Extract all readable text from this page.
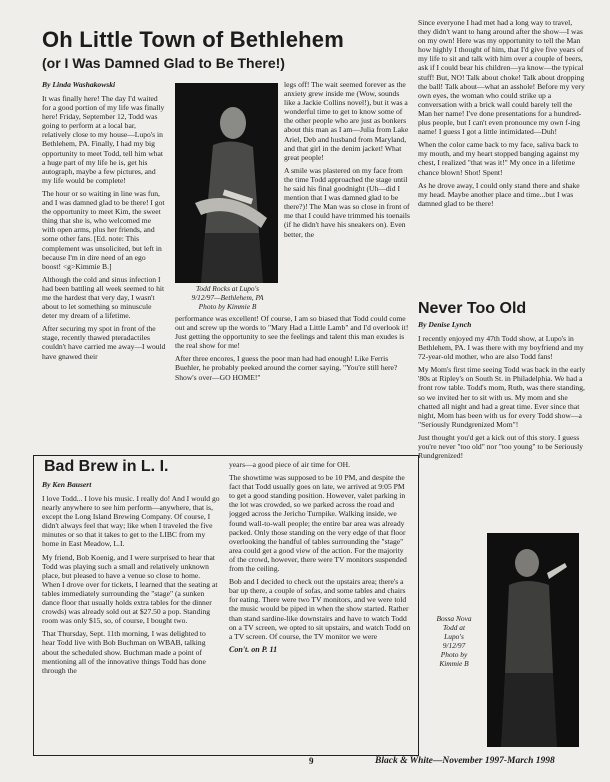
Oh Little Town of Bethlehem
(or I Was Damned Glad to Be There!)

By Linda Washakowski

It was finally here! The day I'd waited for a good portion of my life was finally here! Friday, September 12, Todd was going to perform at a local bar, relatively close to my house—Lupo's in Bethlehem, PA. Finally, I had my big opportunity to meet Todd, tell him what a huge part of my life he is, get his autograph, maybe a few pictures, and my life would be complete!

The hour or so waiting in line was fun, and I was damned glad to be there! I got the opportunity to meet Kim, the sweet thing that she is, who welcomed me with open arms, plus her friends, and some other fans. [Ed. note: This complement was unsolicited, but left in because I'm in dire need of an ego boost! <g>Kimmie B.]

Although the cold and sinus infection I had been battling all week seemed to hit me the hardest that very day, I wasn't about to let something so minuscule deter my dream of a lifetime.

After securing my spot in front of the stage, recently thawed pteradactiles couldn't have carried me away—I would have gnawed their

Todd Rocks at Lupo's
9/12/97—Bethlehem, PA
Photo by Kimmie B

legs off! The wait seemed forever as the anxiety grew inside me (Wow, sounds like a Jackie Collins novel!), but it was a wonderful time to get to know some of the other people who are just as bonkers about this man as I am—Julia from Lake Ariel, Deb and husband from Maryland, and that girl in the denim jacket! What great people!

A smile was plastered on my face from the time Todd approached the stage until he said his final goodnight (Uh—did I mention that I was damned glad to be there?)! The Man was so close in front of me that I could have trimmed his toenails (if he didn't have his sneakers on). Even better, the

performance was excellent! Of course, I am so biased that Todd could come out and screw up the words to "Mary Had a Little Lamb" and I'd overlook it! Just getting the opportunity to see the feelings and talent this man exudes is the real show for me!

After three encores, I guess the poor man had had enough! Like Ferris Buehler, he probably peeked around the corner saying, "You're still here? Show's over—GO HOME!"

Since everyone I had met had a long way to travel, they didn't want to hang around after the show—I was on my own! Here was my opportunity to tell the Man how highly I thought of him, that I'd give five years of my life to sit and talk with him over a couple of beers, ask if I could bear his children—ya know—the typical stuff! But, NO! Talk about choke! Talk about dropping the ball! Talk about—what an asshole! Before my very own eyes, the woman who could strike up a conversation with a brick wall could barely tell the Man her name! I've done presentations for a hundred-plus people, but I can't even pronounce my own f-ing name! I guess I got a little intimidated—Duh!

When the color came back to my face, saliva back to my mouth, and my heart stopped banging against my chest, I realized "that was it!" My once in a lifetime chance blown! Shot! Spent!

As he drove away, I could only stand there and shake my head. Maybe another place and time...but I was damned glad to be there!

Never Too Old

By Denise Lynch

I recently enjoyed my 47th Todd show, at Lupo's in Bethlehem, PA. I was there with my boyfriend and my 72-year-old mother, who are also Todd fans!

My Mom's first time seeing Todd was back in the early '80s at Ripley's on South St. in Philadelphia. We had a front row table. Todd's mom, Ruth, was there standing, so we invited her to sit with us. My mom and she chatted all night and had a great time. Ever since that night, Mom has been with us for every Todd show—a "Seriously Rundgrenized Mom"!

Just thought you'd get a kick out of this story. I guess you're never "too old" nor "too young" to be Seriously Rundgrenized!

Bossa Nova
Todd at
Lupo's
9/12/97
Photo by
Kimmie B
Bad Brew in L. I.

By Ken Bausert

I love Todd... I love his music. I really do! And I would go nearly anywhere to see him perform—anywhere, that is, except the Long Island Brewing Company. Of course, I didn't always feel that way; like when I traveled the five minutes or so that it takes to get to the LIBC from my home in East Meadow, L.I.

My friend, Bob Koenig, and I were surprised to hear that Todd was playing such a small and relatively unknown place, but pleased to have a venue so close to home. When I drove over for tickets, I learned that the seating at tables immediately surrounding the "stage" (a sunken dance floor that usually holds extra tables for the dinner crowds) was already sold out at $27.50 a pop. Standing room was only $15, so, of course, I bought two.

That Thursday, Sept. 11th morning, I was delighted to hear Todd live with Bob Buchman on WBAB, talking about the scheduled show. Buchman made a point of mentioning all of the innovative things Todd has done through the

years—a good piece of air time for OH.

The showtime was supposed to be 10 PM, and despite the fact that Todd usually goes on late, we arrived at 9:05 PM to get a good standing position. However, valet parking in the lot was crowded, so we parked across the road and jogged across the Jericho Turnpike. Walking inside, we found wall-to-wall people; the entire bar area was already packed. Only those standing on the very edge of that floor overlooking the handful of tables surrounding the "stage" area could get a good view of the action. For the majority of the crowd, however, there were TV monitors suspended from the ceiling.

Bob and I decided to check out the upstairs area; there's a bar up there, a couple of sofas, and some tables and chairs for eating. There were two TV monitors, and we were told the music would be piped in when the show started. Rather than stand sardine-like downstairs and have to watch Todd on a TV screen, we opted to sit upstairs, and watch Todd on a TV screen. Of course, the TV monitor we were

Con't. on P. 11

9	Black & White—November 1997-March 1998
